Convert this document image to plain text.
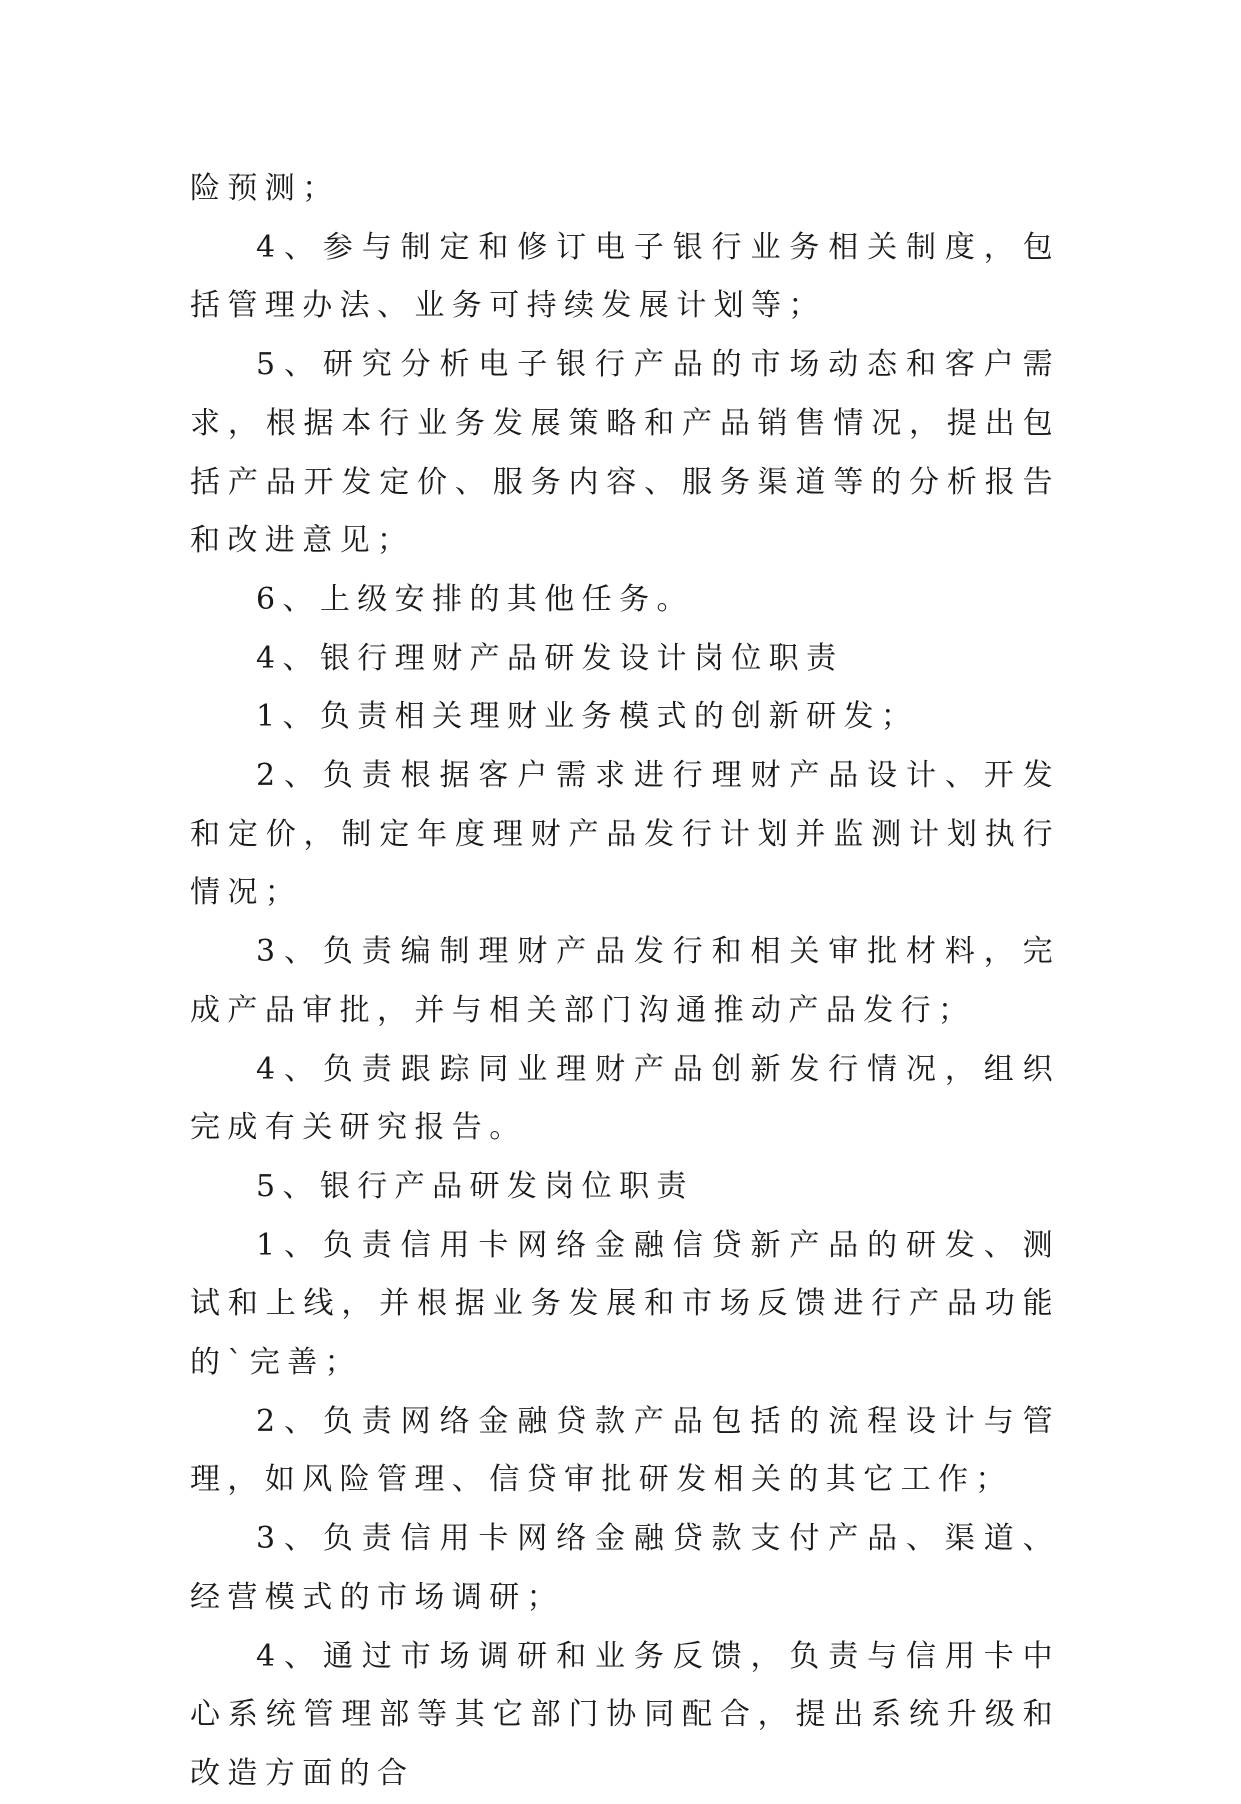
险预测；

4、参与制定和修订电子银行业务相关制度，包括管理办法、业务可持续发展计划等；

5、研究分析电子银行产品的市场动态和客户需求，根据本行业务发展策略和产品销售情况，提出包括产品开发定价、服务内容、服务渠道等的分析报告和改进意见；

6、上级安排的其他任务。

4、银行理财产品研发设计岗位职责

1、负责相关理财业务模式的创新研发；

2、负责根据客户需求进行理财产品设计、开发和定价，制定年度理财产品发行计划并监测计划执行情况；

3、负责编制理财产品发行和相关审批材料，完成产品审批，并与相关部门沟通推动产品发行；

4、负责跟踪同业理财产品创新发行情况，组织完成有关研究报告。

5、银行产品研发岗位职责

1、负责信用卡网络金融信贷新产品的研发、测试和上线，并根据业务发展和市场反馈进行产品功能的`完善；

2、负责网络金融贷款产品包括的流程设计与管理，如风险管理、信贷审批研发相关的其它工作；

3、负责信用卡网络金融贷款支付产品、渠道、经营模式的市场调研；

4、通过市场调研和业务反馈，负责与信用卡中心系统管理部等其它部门协同配合，提出系统升级和改造方面的合
